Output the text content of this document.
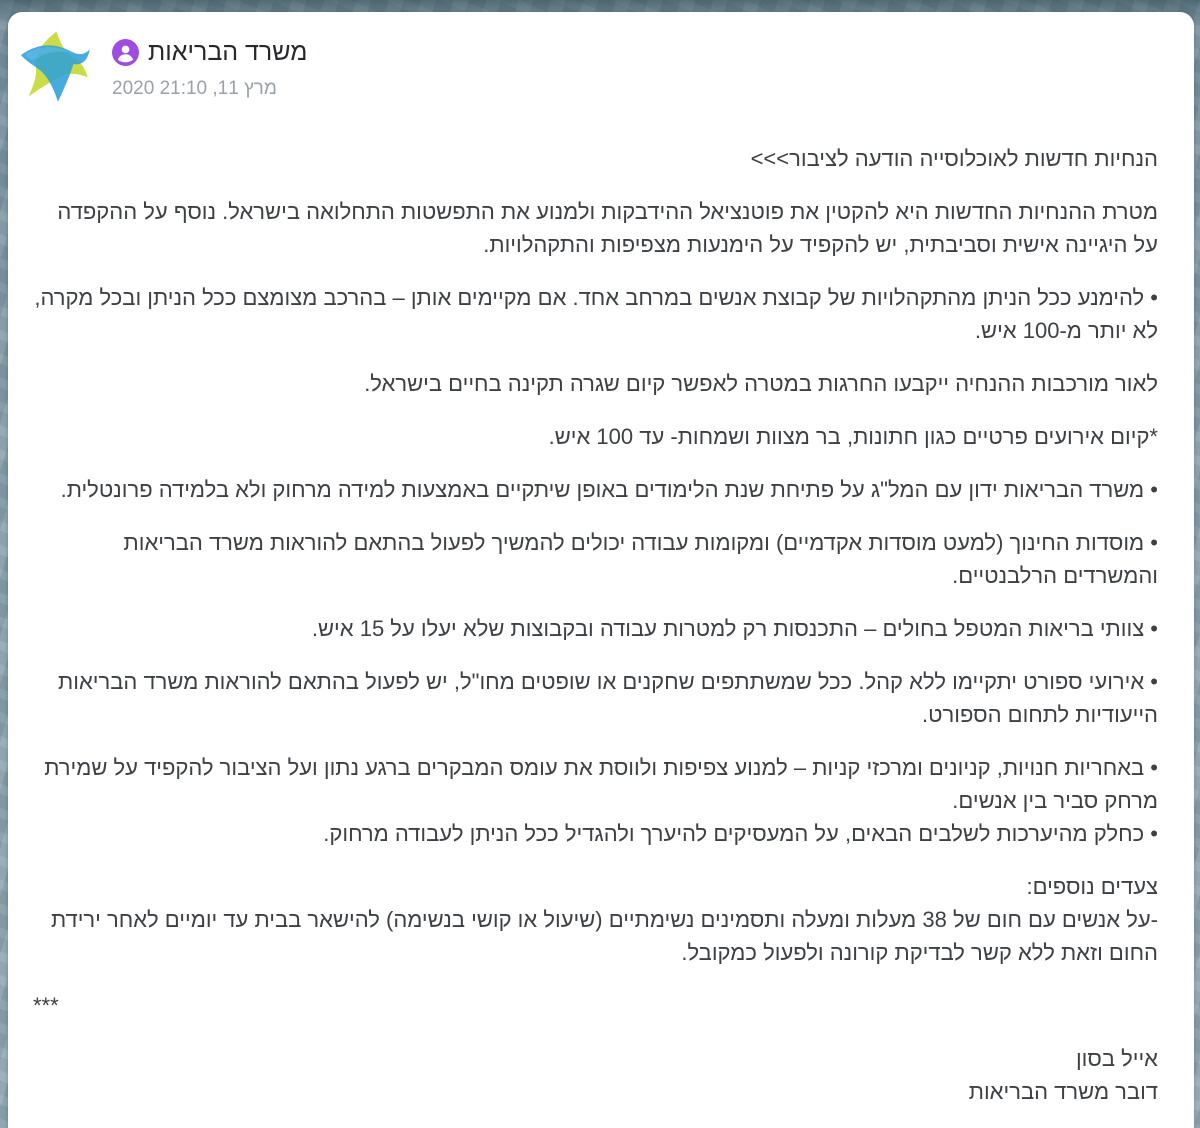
משרד הבריאות
מרץ 11, 21:10 2020
הנחיות חדשות לאוכלוסייה הודעה לציבור>>>
מטרת ההנחיות החדשות היא להקטין את פוטנציאל ההידבקות ולמנוע את התפשטות התחלואה בישראל. נוסף על ההקפדה על היגיינה אישית וסביבתית, יש להקפיד על הימנעות מצפיפות והתקהלויות.
• להימנע ככל הניתן מהתקהלויות של קבוצת אנשים במרחב אחד. אם מקיימים אותן – בהרכב מצומצם ככל הניתן ובכל מקרה, לא יותר מ-100 איש.
לאור מורכבות ההנחיה ייקבעו החרגות במטרה לאפשר קיום שגרה תקינה בחיים בישראל.
*קיום אירועים פרטיים כגון חתונות, בר מצוות ושמחות- עד 100 איש.
• משרד הבריאות ידון עם המל"ג על פתיחת שנת הלימודים באופן שיתקיים באמצעות למידה מרחוק ולא בלמידה פרונטלית.
• מוסדות החינוך (למעט מוסדות אקדמיים) ומקומות עבודה יכולים להמשיך לפעול בהתאם להוראות משרד הבריאות והמשרדים הרלבנטיים.
• צוותי בריאות המטפל בחולים – התכנסות רק למטרות עבודה ובקבוצות שלא יעלו על 15 איש.
• אירועי ספורט יתקיימו ללא קהל. ככל שמשתתפים שחקנים או שופטים מחו"ל, יש לפעול בהתאם להוראות משרד הבריאות הייעודיות לתחום הספורט.
• באחריות חנויות, קניונים ומרכזי קניות – למנוע צפיפות ולווסת את עומס המבקרים ברגע נתון ועל הציבור להקפיד על שמירת מרחק סביר בין אנשים.
• כחלק מהיערכות לשלבים הבאים, על המעסיקים להיערך ולהגדיל ככל הניתן לעבודה מרחוק.
צעדים נוספים:
-על אנשים עם חום של 38 מעלות ומעלה ותסמינים נשימתיים (שיעול או קושי בנשימה) להישאר בבית עד יומיים לאחר ירידת החום וזאת ללא קשר לבדיקת קורונה ולפעול כמקובל.
***
אייל בסון
דובר משרד הבריאות
